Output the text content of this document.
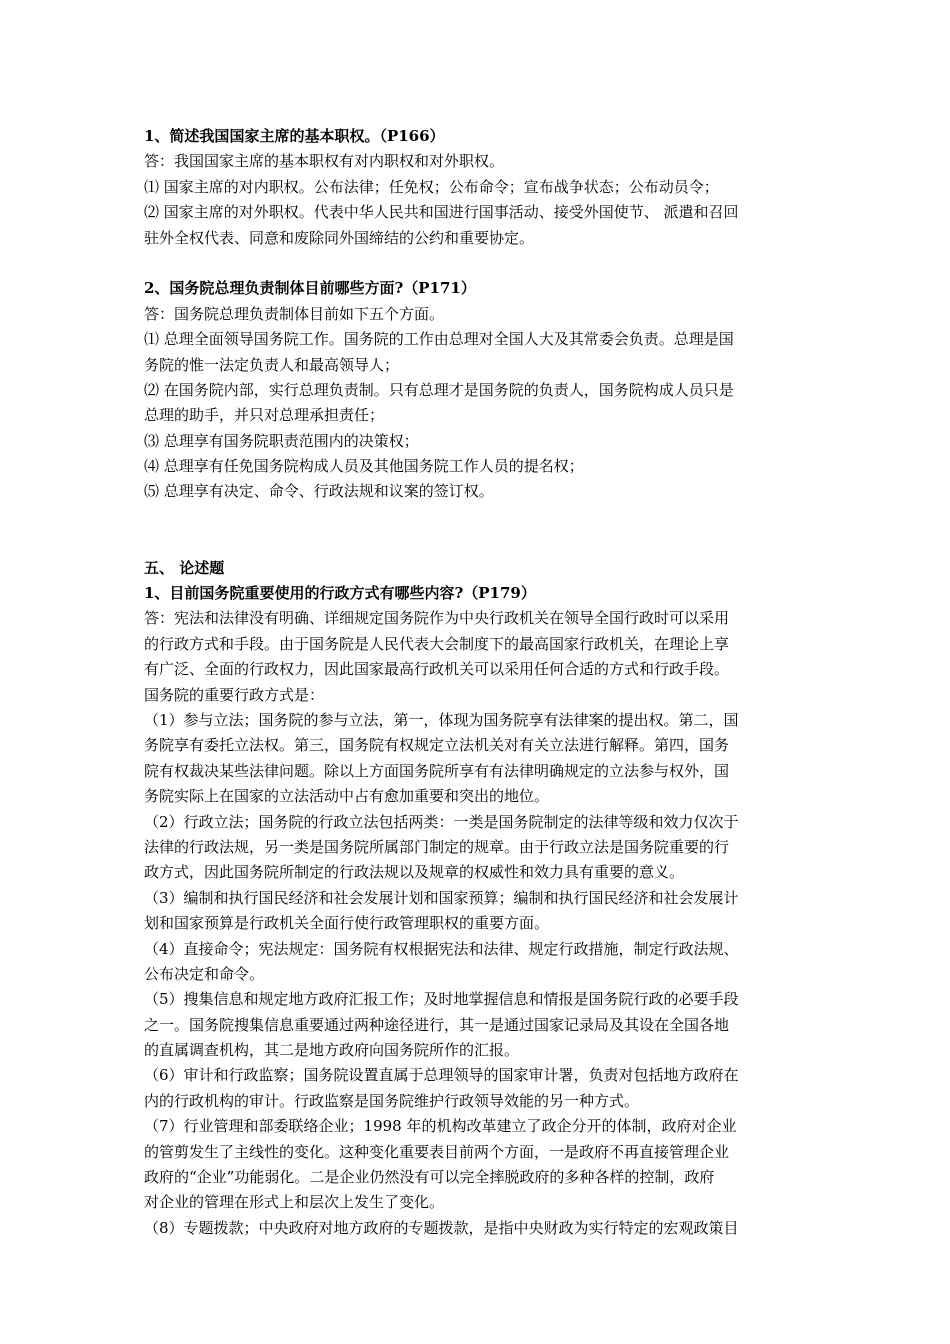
1、简述我国国家主席的基本职权。（P166）
答：我国国家主席的基本职权有对内职权和对外职权。
⑴ 国家主席的对内职权。公布法律；任免权；公布命令；宣布战争状态；公布动员令；
⑵ 国家主席的对外职权。代表中华人民共和国进行国事活动、接受外国使节、 派遣和召回
驻外全权代表、同意和废除同外国缔结的公约和重要协定。
2、国务院总理负责制体目前哪些方面?（P171）
答：国务院总理负责制体目前如下五个方面。
⑴ 总理全面领导国务院工作。国务院的工作由总理对全国人大及其常委会负责。总理是国
务院的惟一法定负责人和最高领导人；
⑵ 在国务院内部，实行总理负责制。只有总理才是国务院的负责人，国务院构成人员只是
总理的助手，并只对总理承担责任；
⑶ 总理享有国务院职责范围内的决策权；
⑷ 总理享有任免国务院构成人员及其他国务院工作人员的提名权；
⑸ 总理享有决定、命令、行政法规和议案的签订权。
五、 论述题
1、目前国务院重要使用的行政方式有哪些内容?（P179）
答：宪法和法律没有明确、详细规定国务院作为中央行政机关在领导全国行政时可以采用
的行政方式和手段。由于国务院是人民代表大会制度下的最高国家行政机关，在理论上享
有广泛、全面的行政权力，因此国家最高行政机关可以采用任何合适的方式和行政手段。
国务院的重要行政方式是：
（1）参与立法；国务院的参与立法，第一，体现为国务院享有法律案的提出权。第二，国
务院享有委托立法权。第三，国务院有权规定立法机关对有关立法进行解释。第四，国务
院有权裁决某些法律问题。除以上方面国务院所享有有法律明确规定的立法参与权外，国
务院实际上在国家的立法活动中占有愈加重要和突出的地位。
（2）行政立法；国务院的行政立法包括两类：一类是国务院制定的法律等级和效力仅次于
法律的行政法规，另一类是国务院所属部门制定的规章。由于行政立法是国务院重要的行
政方式，因此国务院所制定的行政法规以及规章的权威性和效力具有重要的意义。
（3）编制和执行国民经济和社会发展计划和国家预算；编制和执行国民经济和社会发展计
划和国家预算是行政机关全面行使行政管理职权的重要方面。
（4）直接命令；宪法规定：国务院有权根据宪法和法律、规定行政措施，制定行政法规、
公布决定和命令。
（5）搜集信息和规定地方政府汇报工作；及时地掌握信息和情报是国务院行政的必要手段
之一。国务院搜集信息重要通过两种途径进行，其一是通过国家记录局及其设在全国各地
的直属调查机构，其二是地方政府向国务院所作的汇报。
（6）审计和行政监察；国务院设置直属于总理领导的国家审计署，负责对包括地方政府在
内的行政机构的审计。行政监察是国务院维护行政领导效能的另一种方式。
（7）行业管理和部委联络企业；1998 年的机构改革建立了政企分开的体制，政府对企业
的管剪发生了主线性的变化。这种变化重要表目前两个方面，一是政府不再直接管理企业
政府的“企业”功能弱化。二是企业仍然没有可以完全摔脱政府的多种各样的控制，政府
对企业的管理在形式上和层次上发生了变化。
（8）专题拨款；中央政府对地方政府的专题拨款，是指中央财政为实行特定的宏观政策目
